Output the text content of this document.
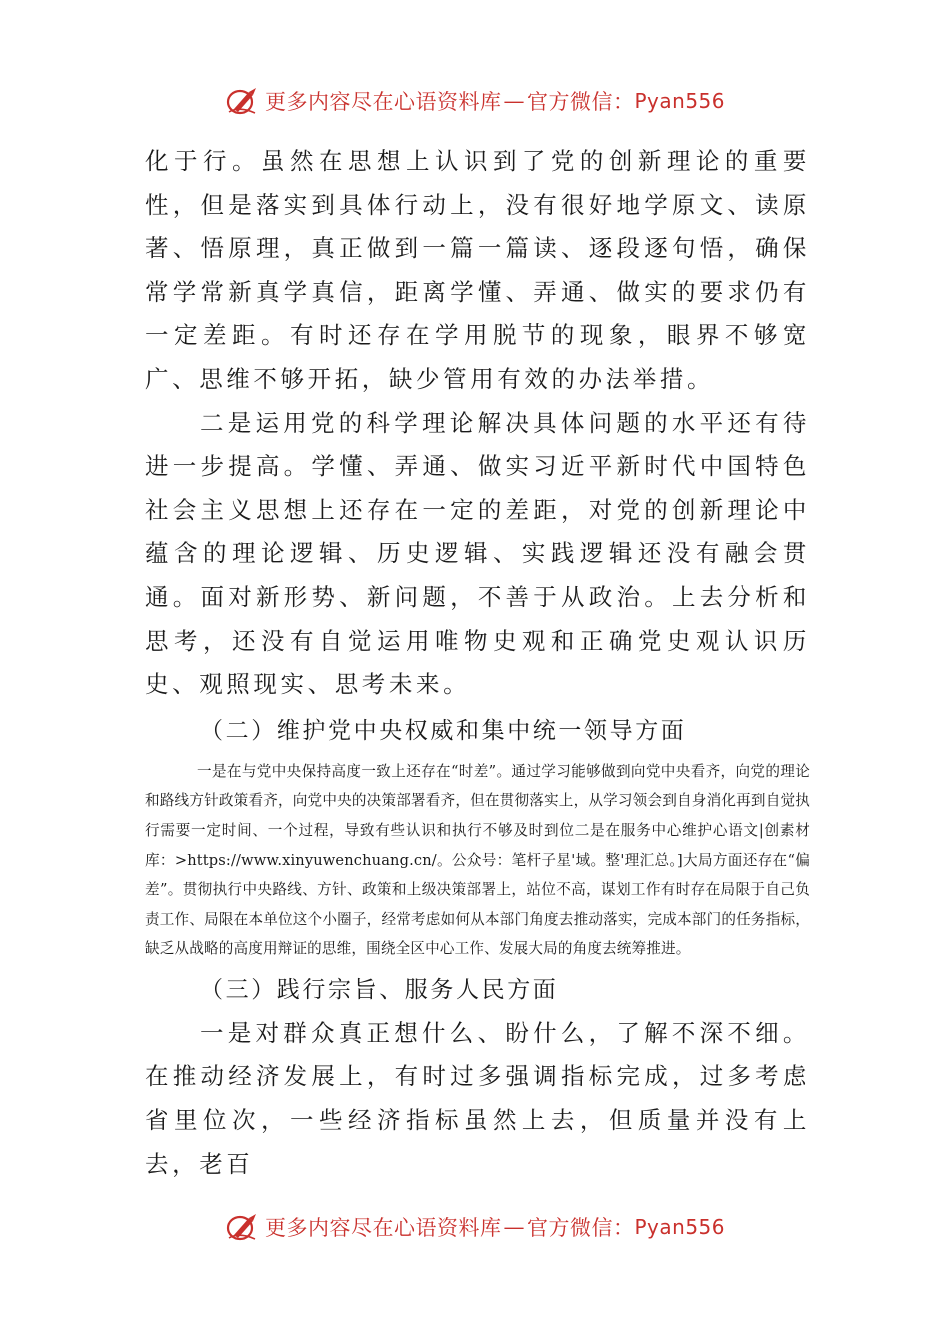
更多内容尽在心语资料库 — 官方微信： Pyan556

化于行。虽然在思想上认识到了党的创新理论的重要性，但是落实到具体行动上，没有很好地学原文、读原著、悟原理，真正做到一篇一篇读、逐段逐句悟，确保常学常新真学真信，距离学懂、弄通、做实的要求仍有一定差距。有时还存在学用脱节的现象，眼界不够宽广、思维不够开拓，缺少管用有效的办法举措。

二是运用党的科学理论解决具体问题的水平还有待进一步提高。学懂、弄通、做实习近平新时代中国特色社会主义思想上还存在一定的差距，对党的创新理论中蕴含的理论逻辑、历史逻辑、实践逻辑还没有融会贯通。面对新形势、新问题，不善于从政治。上去分析和思考，还没有自觉运用唯物史观和正确党史观认识历史、观照现实、思考未来。

（二）维护党中央权威和集中统一领导方面

一是在与党中央保持高度一致上还存在“时差”。通过学习能够做到向党中央看齐，向党的理论和路线方针政策看齐，向党中央的决策部署看齐，但在贯彻落实上，从学习领会到自身消化再到自觉执行需要一定时间、一个过程，导致有些认识和执行不够及时到位二是在服务中心维护心语文|创素材库：>https://www.xinyuwenchuang.cn/。公众号：笔杆子星'域。整'理汇总。]大局方面还存在“偏差”。贯彻执行中央路线、方针、政策和上级决策部署上，站位不高，谋划工作有时存在局限于自己负责工作、局限在本单位这个小圈子，经常考虑如何从本部门角度去推动落实，完成本部门的任务指标，缺乏从战略的高度用辩证的思维，围绕全区中心工作、发展大局的角度去统筹推进。

（三）践行宗旨、服务人民方面

一是对群众真正想什么、盼什么，了解不深不细。在推动经济发展上，有时过多强调指标完成，过多考虑省里位次，一些经济指标虽然上去，但质量并没有上去，老百

更多内容尽在心语资料库 — 官方微信： Pyan556
